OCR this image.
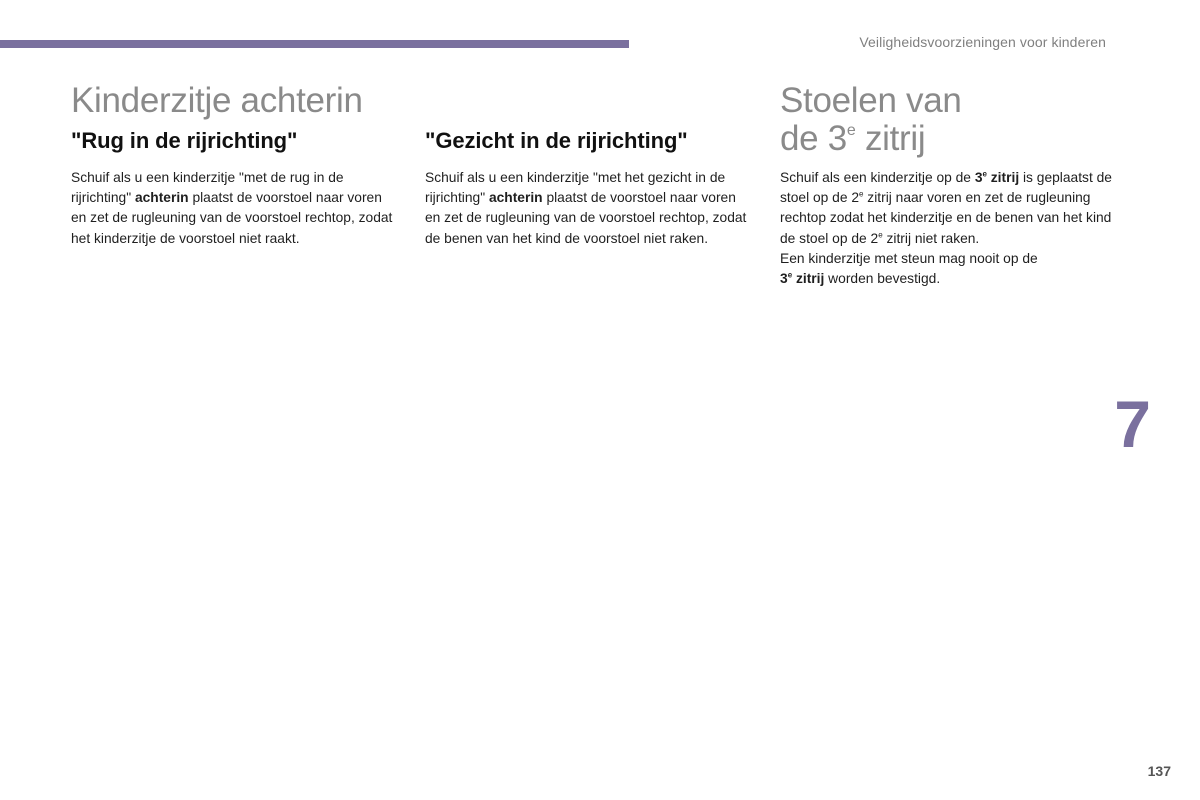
Veiligheidsvoorzieningen voor kinderen
Kinderzitje achterin	Stoelen van
de 3e zitrij
"Rug in de rijrichting"	"Gezicht in de rijrichting"

Schuif als u een kinderzitje "met de rug in de rijrichting" achterin plaatst de voorstoel naar voren en zet de rugleuning van de voorstoel rechtop, zodat het kinderzitje de voorstoel niet raakt.

Schuif als u een kinderzitje "met het gezicht in de rijrichting" achterin plaatst de voorstoel naar voren en zet de rugleuning van de voorstoel rechtop, zodat de benen van het kind de voorstoel niet raken.

Schuif als een kinderzitje op de 3e zitrij is geplaatst de stoel op de 2e zitrij naar voren en zet de rugleuning rechtop zodat het kinderzitje en de benen van het kind de stoel op de 2e zitrij niet raken.

Een kinderzitje met steun mag nooit op de
3e zitrij worden bevestigd.

7
137
